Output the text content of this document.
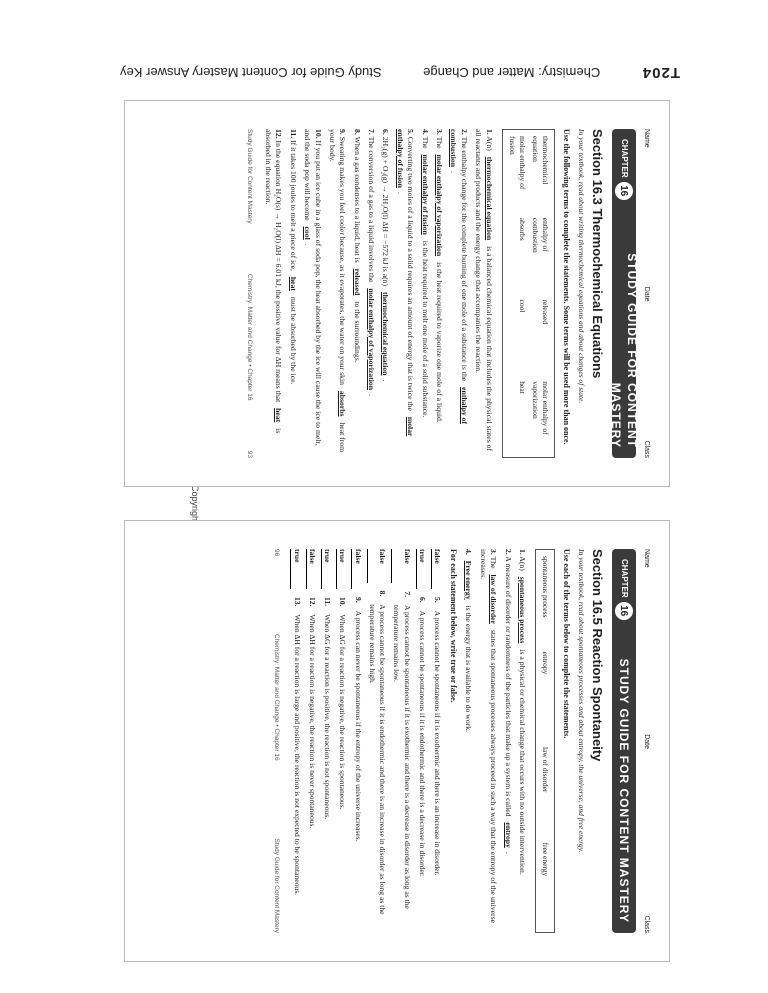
T204
Chemistry: Matter and Change
Study Guide for Content Mastery Answer Key
Name
Date
Class
CHAPTER
16
STUDY GUIDE FOR CONTENT MASTERY
Section 16.3 Thermochemical Equations
In your textbook, read about writing thermochemical equations and about changes of state.
Use the following terms to complete the statements. Some terms will be used more than once.
thermochemical equation
enthalpy of combustion
released
molar enthalpy of vaporization
molar enthalpy of fusion
absorbs
cool
heat
1. A(n) thermochemical equation is a balanced chemical equation that includes the physical states of all reactants and products and the energy change that accompanies the reaction.
2. The enthalpy change for the complete burning of one mole of a substance is the enthalpy of combustion.
3. The molar enthalpy of vaporization is the heat required to vaporize one mole of a liquid.
4. The molar enthalpy of fusion is the heat required to melt one mole of a solid substance.
5. Converting two moles of a liquid to a solid requires an amount of energy that is twice the molar enthalpy of fusion.
6. 2H₂(g) + O₂(g) → 2H₂O(l) ΔH = −572 kJ is a(n) thermochemical equation.
7. The conversion of a gas to a liquid involves the molar enthalpy of vaporization.
8. When a gas condenses to a liquid, heat is released to the surroundings.
9. Sweating makes you feel cooler because, as it evaporates, the water on your skin absorbs heat from your body.
10. If you put an ice cube in a glass of soda pop, the heat absorbed by the ice will cause the ice to melt, and the soda pop will become cool.
11. If it takes 100 joules to melt a piece of ice, heat must be absorbed by the ice.
12. In the equation H₂O(s) → H₂O(l) ΔH = 6.01 kJ, the positive value for ΔH means that heat is absorbed in the reaction.
Study Guide for Content Mastery
Chemistry: Matter and Change • Chapter 16
93
Name
Date
Class
CHAPTER
16
STUDY GUIDE FOR CONTENT MASTERY
Section 16.5 Reaction Spontaneity
In your textbook, read about spontaneous processes and about entropy, the universe, and free energy.
Use each of the terms below to complete the statements.
spontaneous process
entropy
law of disorder
free energy
1. A(n) spontaneous process is a physical or chemical change that occurs with no outside intervention.
2. A measure of disorder or randomness of the particles that make up a system is called entropy.
3. The law of disorder states that spontaneous processes always proceed in such a way that the entropy of the universe increases.
4. Free energy is the energy that is available to do work.
For each statement below, write true or false.
false
5.
A process cannot be spontaneous if it is exothermic and there is an increase in disorder.
true
6.
A process cannot be spontaneous if it is endothermic and there is a decrease in disorder.
false
7.
A process cannot be spontaneous if it is exothermic and there is a decrease in disorder as long as the temperature remains low.
false
8.
A process cannot be spontaneous if it is endothermic and there is an increase in disorder as long as the temperature remains high.
false
9.
A process can never be spontaneous if the entropy of the universe increases.
true
10.
When ΔG for a reaction is negative, the reaction is spontaneous.
true
11.
When ΔG for a reaction is positive, the reaction is not spontaneous.
false
12.
When ΔH for a reaction is negative, the reaction is never spontaneous.
true
13.
When ΔH for a reaction is large and positive, the reaction is not expected to be spontaneous.
96
Chemistry: Matter and Change • Chapter 16
Study Guide for Content Mastery
